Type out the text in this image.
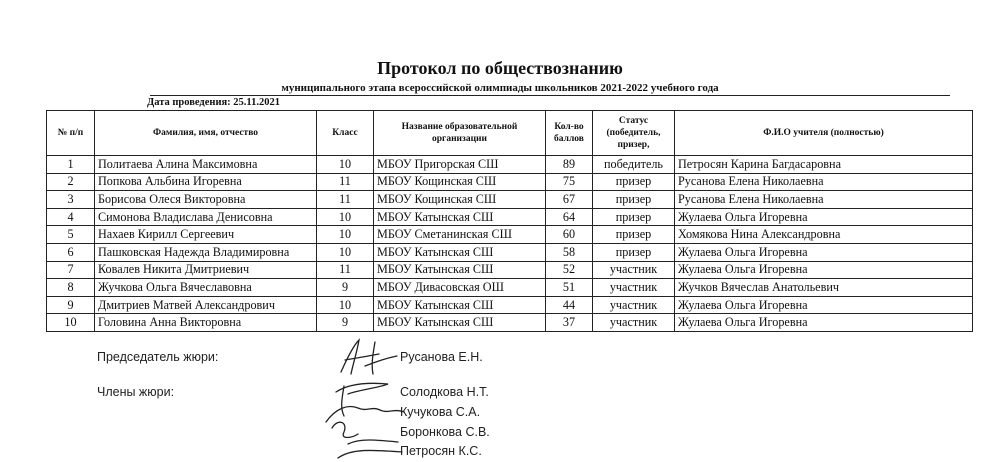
Протокол по обществознанию
муниципального этапа всероссийской олимпиады школьников 2021-2022 учебного года
Дата проведения: 25.11.2021
№ п/п	Фамилия, имя, отчество	Класс	Название образовательной организации	Кол-во баллов	Статус (победитель, призер,	Ф.И.О учителя (полностью)
1	Политаева Алина Максимовна	10	МБОУ Пригорская СШ	89	победитель	Петросян Карина Багдасаровна
2	Попкова Альбина Игоревна	11	МБОУ Кощинская СШ	75	призер	Русанова Елена Николаевна
3	Борисова Олеся Викторовна	11	МБОУ Кощинская СШ	67	призер	Русанова Елена Николаевна
4	Симонова Владислава Денисовна	10	МБОУ Катынская СШ	64	призер	Жулаева Ольга Игоревна
5	Нахаев Кирилл Сергеевич	10	МБОУ Сметанинская СШ	60	призер	Хомякова Нина Александровна
6	Пашковская Надежда Владимировна	10	МБОУ Катынская СШ	58	призер	Жулаева Ольга Игоревна
7	Ковалев Никита Дмитриевич	11	МБОУ Катынская СШ	52	участник	Жулаева Ольга Игоревна
8	Жучкова Ольга Вячеславовна	9	МБОУ Дивасовская ОШ	51	участник	Жучков Вячеслав Анатольевич
9	Дмитриев Матвей Александрович	10	МБОУ Катынская СШ	44	участник	Жулаева Ольга Игоревна
10	Головина Анна Викторовна	9	МБОУ Катынская СШ	37	участник	Жулаева Ольга Игоревна
Председатель жюри:	Русанова Е.Н.
Члены жюри:	Солодкова Н.Т.
Кучукова С.А.
Боронкова С.В.
Петросян К.С.
